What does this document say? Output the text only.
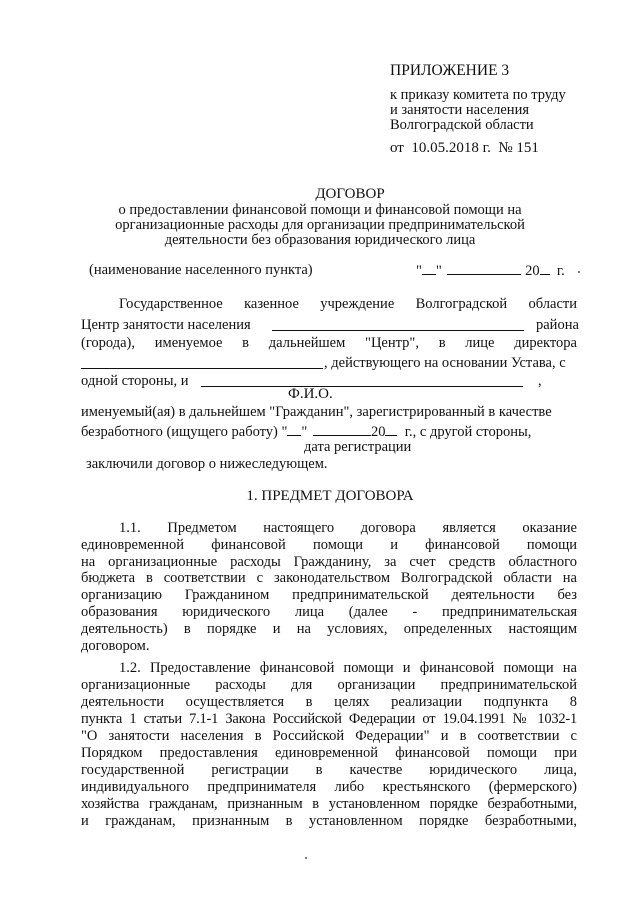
ПРИЛОЖЕНИЕ 3
к приказу комитета по труду
и занятости населения
Волгоградской области
от 10.05.2018 г. № 151
ДОГОВОР
о предоставлении финансовой помощи и финансовой помощи на
организационные расходы для организации предпринимательской
деятельности без образования юридического лица
(наименование населенного пункта)	" "	20 г.
Государственное казенное учреждение Волгоградской области
Центр занятости населения	района
(города), именуемое в дальнейшем "Центр", в лице директора
, действующего на основании Устава, с
одной стороны, и	,
Ф.И.О.
именуемый(ая) в дальнейшем "Гражданин", зарегистрированный в качестве
безработного (ищущего работу) " "	20 г., с другой стороны,
дата регистрации
заключили договор о нижеследующем.
1. ПРЕДМЕТ ДОГОВОРА
1.1. Предметом настоящего договора является оказание
единовременной финансовой помощи и финансовой помощи
на организационные расходы Гражданину, за счет средств областного
бюджета в соответствии с законодательством Волгоградской области на
организацию Гражданином предпринимательской деятельности без
образования юридического лица (далее - предпринимательская
деятельность) в порядке и на условиях, определенных настоящим
договором.
1.2. Предоставление финансовой помощи и финансовой помощи на
организационные расходы для организации предпринимательской
деятельности осуществляется в целях реализации подпункта 8
пункта 1 статьи 7.1-1 Закона Российской Федерации от 19.04.1991 № 1032-1
"О занятости населения в Российской Федерации" и в соответствии с
Порядком предоставления единовременной финансовой помощи при
государственной регистрации в качестве юридического лица,
индивидуального предпринимателя либо крестьянского (фермерского)
хозяйства гражданам, признанным в установленном порядке безработными,
и гражданам, признанным в установленном порядке безработными,
